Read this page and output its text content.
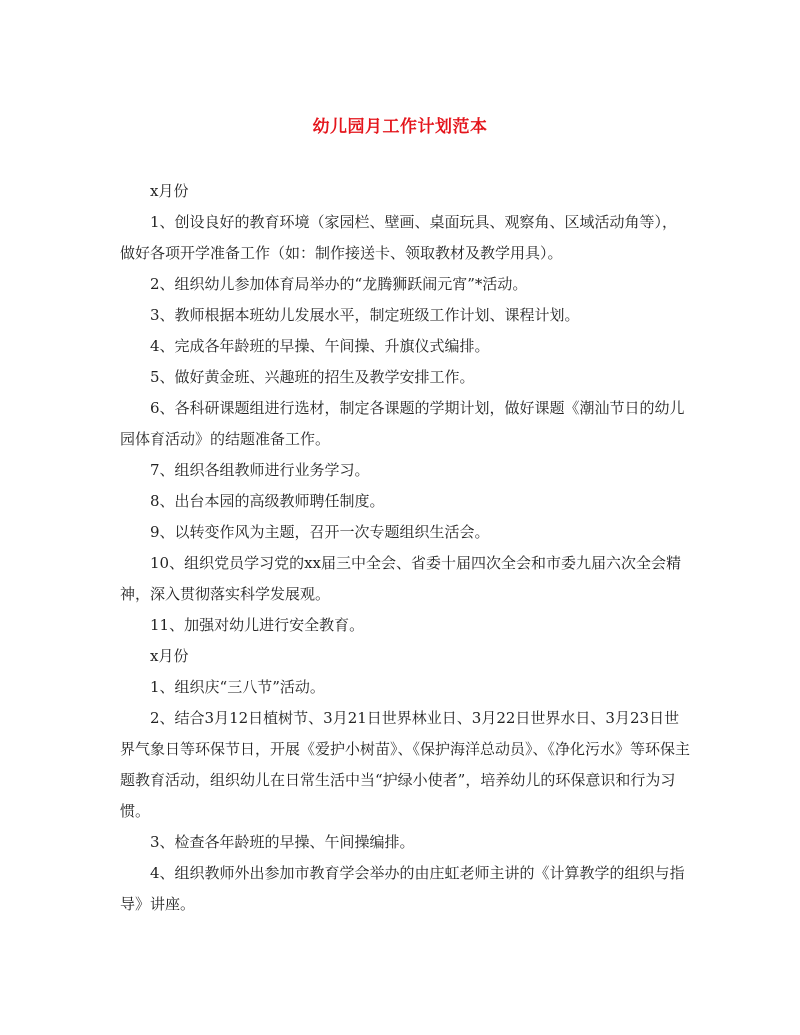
幼儿园月工作计划范本

x月份

1、创设良好的教育环境（家园栏、壁画、桌面玩具、观察角、区域活动角等），做好各项开学准备工作（如：制作接送卡、领取教材及教学用具）。

2、组织幼儿参加体育局举办的“龙腾狮跃闹元宵”*活动。

3、教师根据本班幼儿发展水平，制定班级工作计划、课程计划。

4、完成各年龄班的早操、午间操、升旗仪式编排。

5、做好黄金班、兴趣班的招生及教学安排工作。

6、各科研课题组进行选材，制定各课题的学期计划，做好课题《潮汕节日的幼儿园体育活动》的结题准备工作。

7、组织各组教师进行业务学习。

8、出台本园的高级教师聘任制度。

9、以转变作风为主题，召开一次专题组织生活会。

10、组织党员学习党的xx届三中全会、省委十届四次全会和市委九届六次全会精神，深入贯彻落实科学发展观。

11、加强对幼儿进行安全教育。

x月份

1、组织庆“三八节”活动。

2、结合3月12日植树节、3月21日世界林业日、3月22日世界水日、3月23日世界气象日等环保节日，开展《爱护小树苗》、《保护海洋总动员》、《净化污水》等环保主题教育活动，组织幼儿在日常生活中当“护绿小使者”，培养幼儿的环保意识和行为习惯。

3、检查各年龄班的早操、午间操编排。

4、组织教师外出参加市教育学会举办的由庄虹老师主讲的《计算教学的组织与指导》讲座。
